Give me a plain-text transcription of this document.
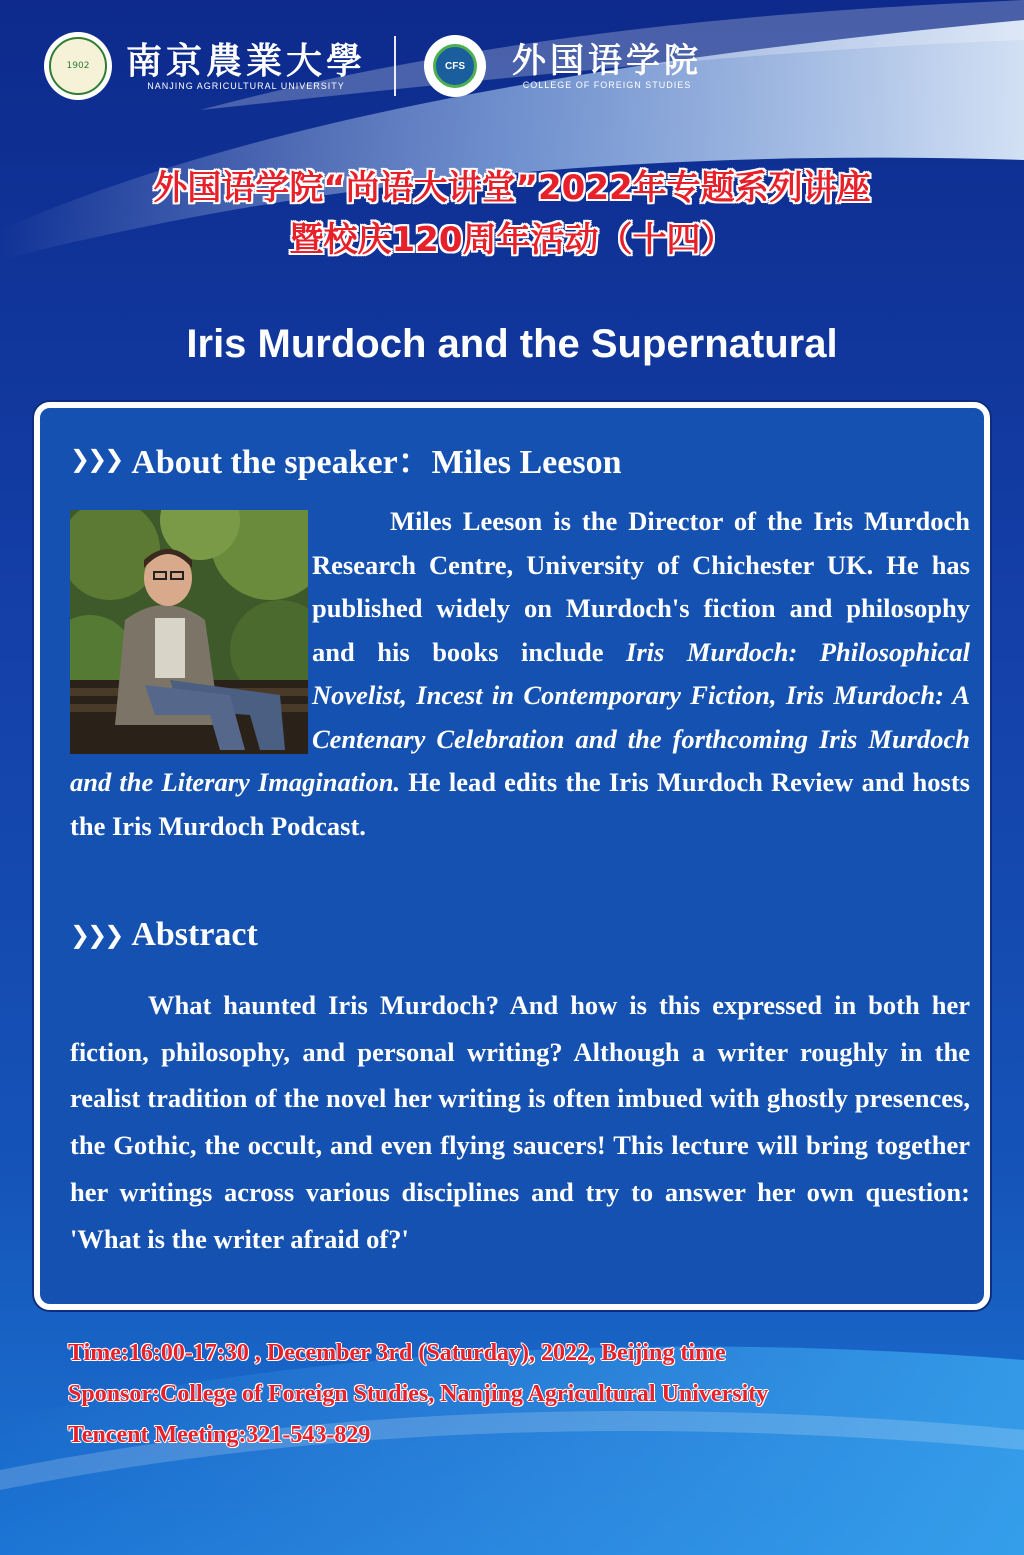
1902	南京農業大學
NANJING AGRICULTURAL UNIVERSITY
CFS	外国语学院
COLLEGE OF FOREIGN STUDIES
外国语学院“尚语大讲堂”2022年专题系列讲座
暨校庆120周年活动（十四）
Iris Murdoch and the Supernatural
❯❯❯ About the speaker：Miles Leeson
Miles Leeson is the Director of the Iris Murdoch Research Centre, University of Chichester UK. He has published widely on Murdoch's fiction and philosophy and his books include Iris Murdoch: Philosophical Novelist, Incest in Contemporary Fiction, Iris Murdoch: A Centenary Celebration and the forthcoming Iris Murdoch and the Literary Imagination. He lead edits the Iris Murdoch Review and hosts the Iris Murdoch Podcast.
❯❯❯ Abstract
What haunted Iris Murdoch? And how is this expressed in both her fiction, philosophy, and personal writing? Although a writer roughly in the realist tradition of the novel her writing is often imbued with ghostly presences, the Gothic, the occult, and even flying saucers! This lecture will bring together her writings across various disciplines and try to answer her own question: 'What is the writer afraid of?'
Time:16:00-17:30 , December 3rd (Saturday), 2022, Beijing time
Sponsor:College of Foreign Studies, Nanjing Agricultural University
Tencent Meeting:321-543-829
